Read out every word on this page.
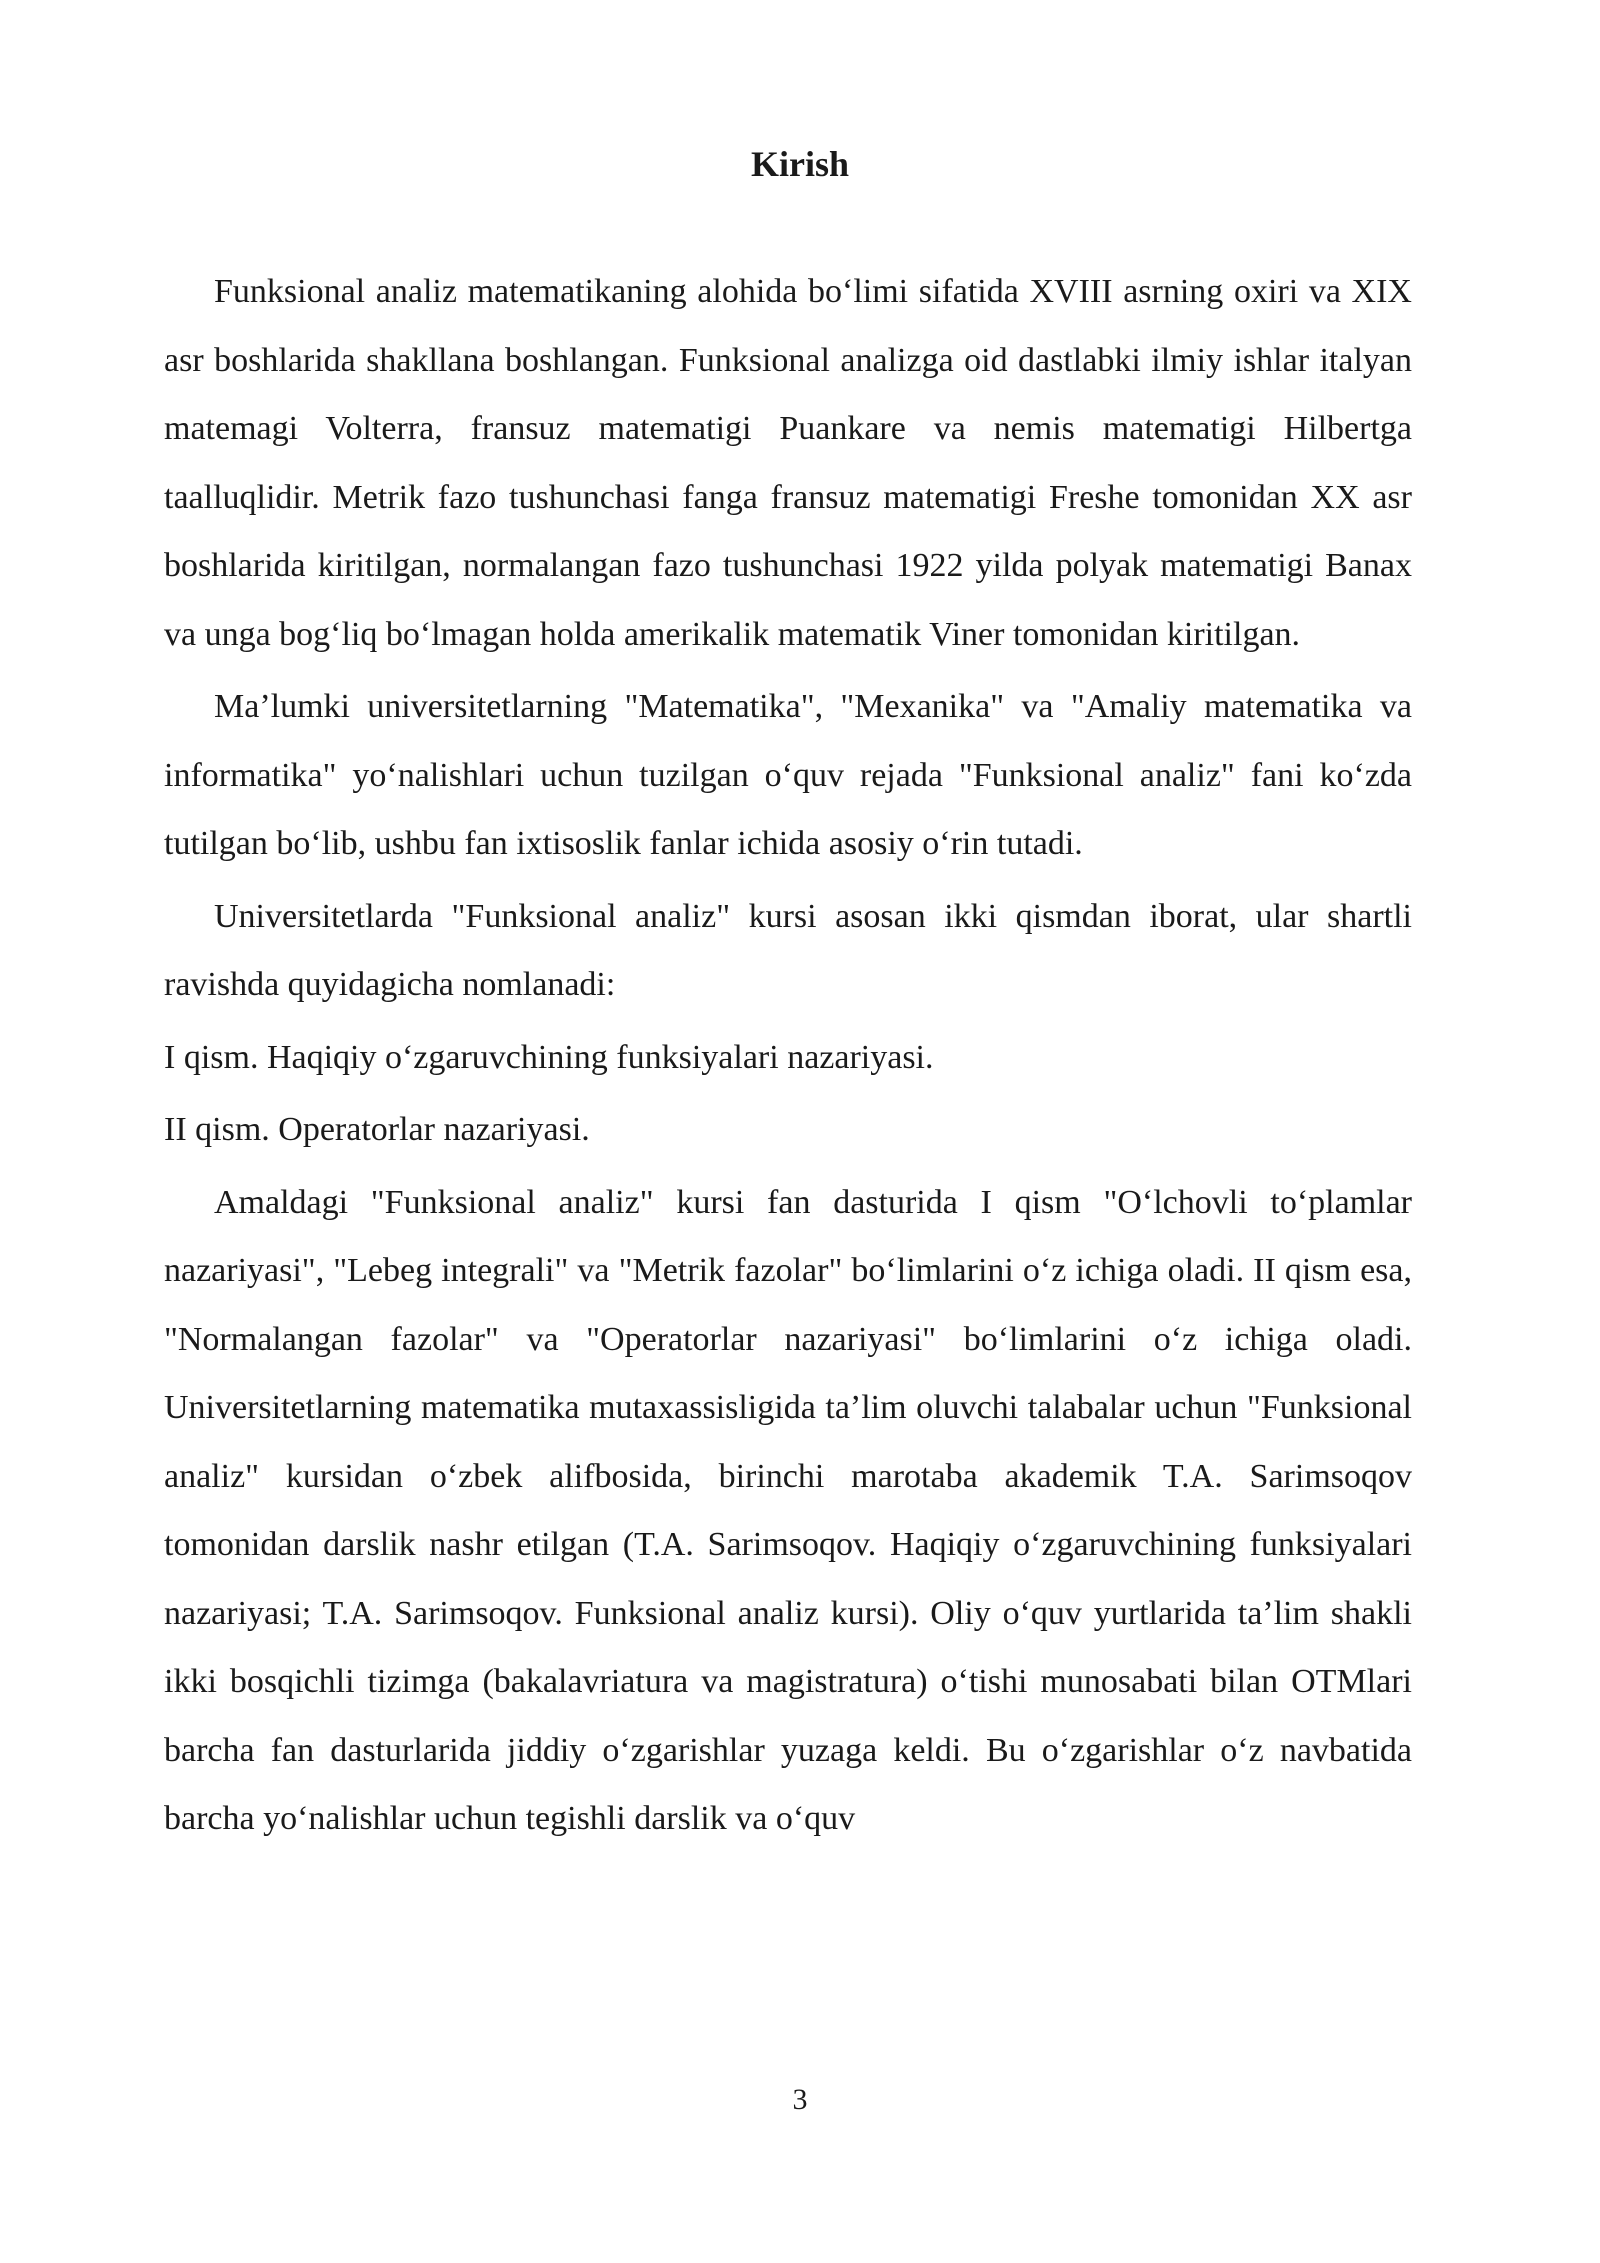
Kirish

Funksional analiz matematikaning alohida bo‘limi sifatida XVIII asrning oxiri va XIX asr boshlarida shakllana boshlangan. Funksional analizga oid dastlabki ilmiy ishlar italyan matemagi Volterra, fransuz matematigi Puankare va nemis matematigi Hilbertga taalluqlidir. Metrik fazo tushunchasi fanga fransuz matematigi Freshe tomonidan XX asr boshlarida kiritilgan, normalangan fazo tushunchasi 1922 yilda polyak matematigi Banax va unga bog‘liq bo‘lmagan holda amerikalik matematik Viner tomonidan kiritilgan.

Ma’lumki universitetlarning "Matematika", "Mexanika" va "Amaliy matematika va informatika" yo‘nalishlari uchun tuzilgan o‘quv rejada "Funksional analiz" fani ko‘zda tutilgan bo‘lib, ushbu fan ixtisoslik fanlar ichida asosiy o‘rin tutadi.

Universitetlarda "Funksional analiz" kursi asosan ikki qismdan iborat, ular shartli ravishda quyidagicha nomlanadi:

I qism. Haqiqiy o‘zgaruvchining funksiyalari nazariyasi.

II qism. Operatorlar nazariyasi.

Amaldagi "Funksional analiz" kursi fan dasturida I qism "O‘lchovli to‘plamlar nazariyasi", "Lebeg integrali" va "Metrik fazolar" bo‘limlarini o‘z ichiga oladi. II qism esa, "Normalangan fazolar" va "Operatorlar nazariyasi" bo‘limlarini o‘z ichiga oladi. Universitetlarning matematika mutaxassisligida ta’lim oluvchi talabalar uchun "Funksional analiz" kursidan o‘zbek alifbosida, birinchi marotaba akademik T.A. Sarimsoqov tomonidan darslik nashr etilgan (T.A. Sarimsoqov. Haqiqiy o‘zgaruvchining funksiyalari nazariyasi; T.A. Sarimsoqov. Funksional analiz kursi). Oliy o‘quv yurtlarida ta’lim shakli ikki bosqichli tizimga (bakalavriatura va magistratura) o‘tishi munosabati bilan OTMlari barcha fan dasturlarida jiddiy o‘zgarishlar yuzaga keldi. Bu o‘zgarishlar o‘z navbatida barcha yo‘nalishlar uchun tegishli darslik va o‘quv

3
